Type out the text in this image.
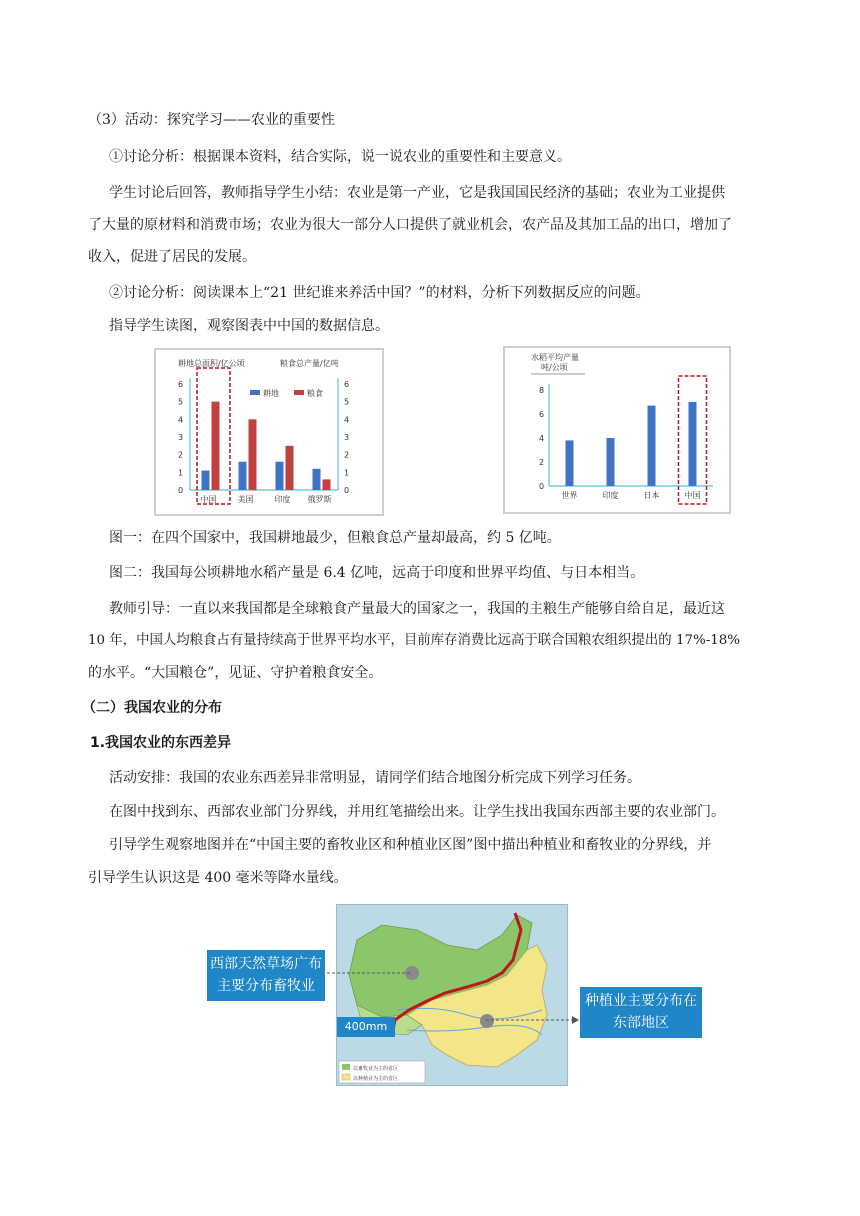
（3）活动：探究学习——农业的重要性
①讨论分析：根据课本资料，结合实际，说一说农业的重要性和主要意义。
学生讨论后回答，教师指导学生小结：农业是第一产业，它是我国国民经济的基础；农业为工业提供
了大量的原材料和消费市场；农业为很大一部分人口提供了就业机会，农产品及其加工品的出口，增加了
收入，促进了居民的发展。
②讨论分析：阅读课本上“21 世纪谁来养活中国？”的材料，分析下列数据反应的问题。
指导学生读图，观察图表中中国的数据信息。
耕地总面积/亿公顷	粮食总产量/亿吨
0	0
1	1
2	2
3	3
4	4
5	5
6	6
中国	美国	印度 俄罗斯
耕地	粮食
水稻平均产量
吨/公顷
0
2
4
6
8
世界	印度	日本	中国
图一：在四个国家中，我国耕地最少，但粮食总产量却最高，约 5 亿吨。
图二：我国每公顷耕地水稻产量是 6.4 亿吨，远高于印度和世界平均值、与日本相当。
教师引导：一直以来我国都是全球粮食产量最大的国家之一，我国的主粮生产能够自给自足，最近这
10 年，中国人均粮食占有量持续高于世界平均水平，目前库存消费比远高于联合国粮农组织提出的 17%-18%
的水平。“大国粮仓”，见证、守护着粮食安全。
（二）我国农业的分布
1.我国农业的东西差异
活动安排：我国的农业东西差异非常明显，请同学们结合地图分析完成下列学习任务。
在图中找到东、西部农业部门分界线，并用红笔描绘出来。让学生找出我国东西部主要的农业部门。
引导学生观察地图并在“中国主要的畜牧业区和种植业区图”图中描出种植业和畜牧业的分界线，并
引导学生认识这是 400 毫米等降水量线。
以畜牧业为主的省区
以种植业为主的省区
400mm
西部天然草场广布
主要分布畜牧业
种植业主要分布在
东部地区
